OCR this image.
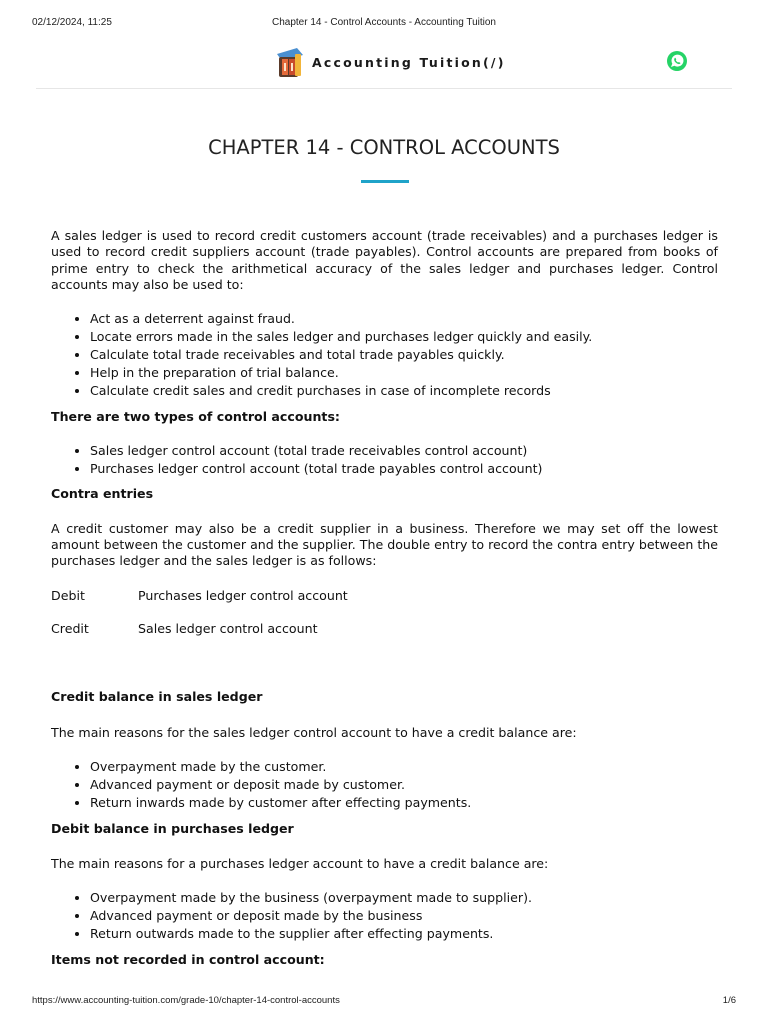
02/12/2024, 11:25	Chapter 14 - Control Accounts - Accounting Tuition
Accounting Tuition(/)
CHAPTER 14 - CONTROL ACCOUNTS

A sales ledger is used to record credit customers account (trade receivables) and a purchases ledger is used to record credit suppliers account (trade payables). Control accounts are prepared from books of prime entry to check the arithmetical accuracy of the sales ledger and purchases ledger. Control accounts may also be used to:

• Act as a deterrent against fraud.
• Locate errors made in the sales ledger and purchases ledger quickly and easily.
• Calculate total trade receivables and total trade payables quickly.
• Help in the preparation of trial balance.
• Calculate credit sales and credit purchases in case of incomplete records

There are two types of control accounts:

• Sales ledger control account (total trade receivables control account)
• Purchases ledger control account (total trade payables control account)

Contra entries

A credit customer may also be a credit supplier in a business. Therefore we may set off the lowest amount between the customer and the supplier. The double entry to record the contra entry between the purchases ledger and the sales ledger is as follows:

Debit	Purchases ledger control account
Credit	Sales ledger control account

Credit balance in sales ledger

The main reasons for the sales ledger control account to have a credit balance are:

• Overpayment made by the customer.
• Advanced payment or deposit made by customer.
• Return inwards made by customer after effecting payments.

Debit balance in purchases ledger

The main reasons for a purchases ledger account to have a credit balance are:

• Overpayment made by the business (overpayment made to supplier).
• Advanced payment or deposit made by the business
• Return outwards made to the supplier after effecting payments.

Items not recorded in control account:

https://www.accounting-tuition.com/grade-10/chapter-14-control-accounts	1/6
